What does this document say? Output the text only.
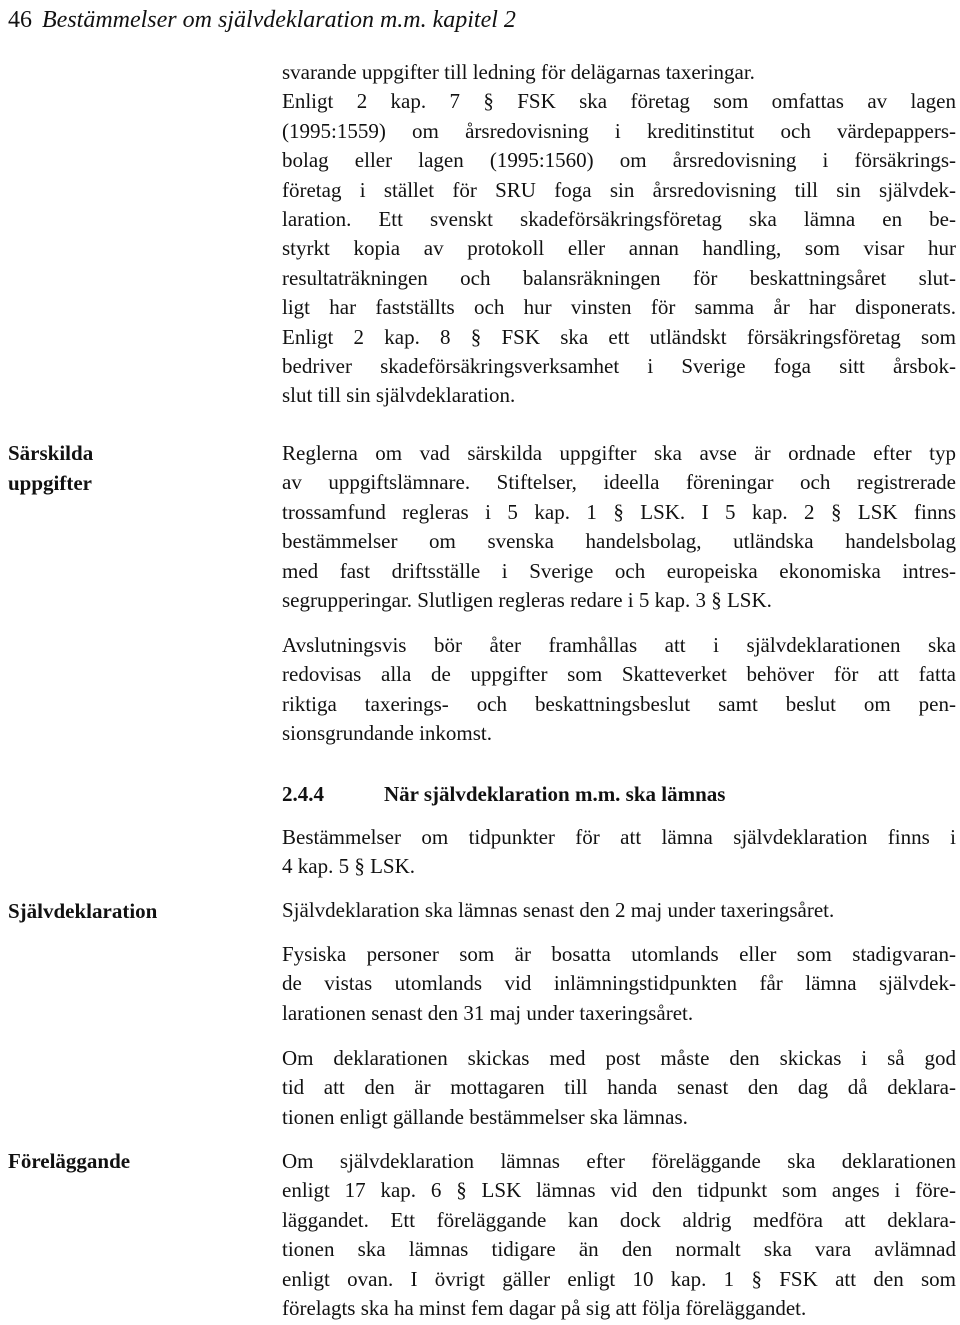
46 Bestämmelser om självdeklaration m.m. kapitel 2
Särskilda
uppgifter
Självdeklaration
Föreläggande
svarande uppgifter till ledning för delägarnas taxeringar.
Enligt 2 kap. 7 § FSK ska företag som omfattas av lagen
(1995:1559) om årsredovisning i kreditinstitut och värdepappers-
bolag eller lagen (1995:1560) om årsredovisning i försäkrings-
företag i stället för SRU foga sin årsredovisning till sin självdek-
laration. Ett svenskt skadeförsäkringsföretag ska lämna en be-
styrkt kopia av protokoll eller annan handling, som visar hur
resultaträkningen och balansräkningen för beskattningsåret slut-
ligt har fastställts och hur vinsten för samma år har disponerats.
Enligt 2 kap. 8 § FSK ska ett utländskt försäkringsföretag som
bedriver skadeförsäkringsverksamhet i Sverige foga sitt årsbok-
slut till sin självdeklaration.
Reglerna om vad särskilda uppgifter ska avse är ordnade efter typ
av uppgiftslämnare. Stiftelser, ideella föreningar och registrerade
trossamfund regleras i 5 kap. 1 § LSK. I 5 kap. 2 § LSK finns
bestämmelser om svenska handelsbolag, utländska handelsbolag
med fast driftsställe i Sverige och europeiska ekonomiska intres-
segrupperingar. Slutligen regleras redare i 5 kap. 3 § LSK.
Avslutningsvis bör åter framhållas att i självdeklarationen ska
redovisas alla de uppgifter som Skatteverket behöver för att fatta
riktiga taxerings- och beskattningsbeslut samt beslut om pen-
sionsgrundande inkomst.
2.4.4	När självdeklaration m.m. ska lämnas
Bestämmelser om tidpunkter för att lämna självdeklaration finns i
4 kap. 5 § LSK.
Självdeklaration ska lämnas senast den 2 maj under taxeringsåret.
Fysiska personer som är bosatta utomlands eller som stadigvaran-
de vistas utomlands vid inlämningstidpunkten får lämna självdek-
larationen senast den 31 maj under taxeringsåret.
Om deklarationen skickas med post måste den skickas i så god
tid att den är mottagaren till handa senast den dag då deklara-
tionen enligt gällande bestämmelser ska lämnas.
Om självdeklaration lämnas efter föreläggande ska deklarationen
enligt 17 kap. 6 § LSK lämnas vid den tidpunkt som anges i före-
läggandet. Ett föreläggande kan dock aldrig medföra att deklara-
tionen ska lämnas tidigare än den normalt ska vara avlämnad
enligt ovan. I övrigt gäller enligt 10 kap. 1 § FSK att den som
förelagts ska ha minst fem dagar på sig att följa föreläggandet.
